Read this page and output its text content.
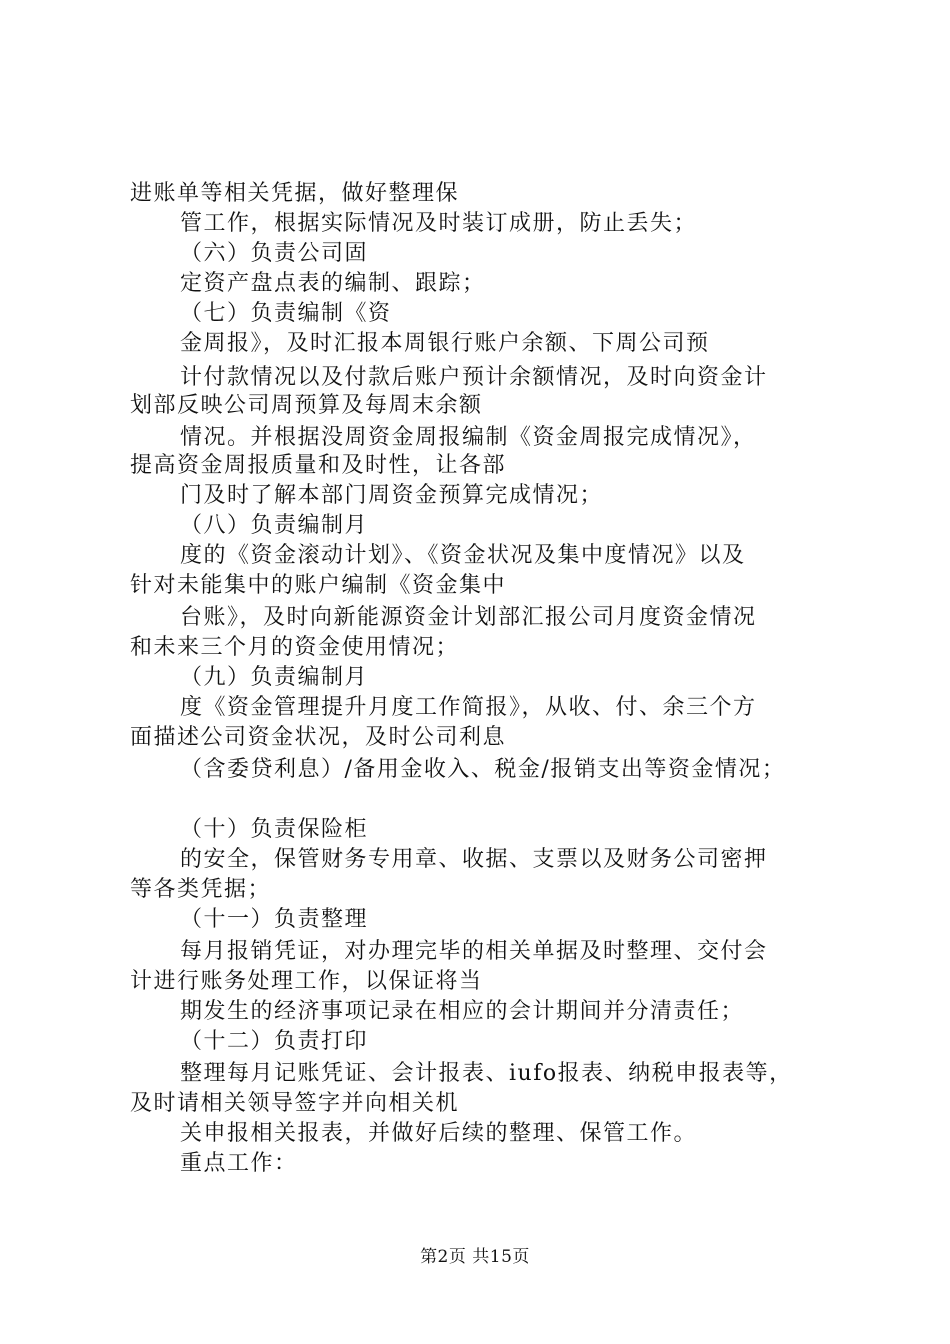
进账单等相关凭据，做好整理保

管工作，根据实际情况及时装订成册，防止丢失；

（六）负责公司固

定资产盘点表的编制、跟踪；

（七）负责编制《资

金周报》，及时汇报本周银行账户余额、下周公司预

计付款情况以及付款后账户预计余额情况，及时向资金计

划部反映公司周预算及每周末余额

情况。并根据没周资金周报编制《资金周报完成情况》，

提高资金周报质量和及时性，让各部

门及时了解本部门周资金预算完成情况；

（八）负责编制月

度的《资金滚动计划》、《资金状况及集中度情况》以及

针对未能集中的账户编制《资金集中

台账》，及时向新能源资金计划部汇报公司月度资金情况

和未来三个月的资金使用情况；

（九）负责编制月

度《资金管理提升月度工作简报》，从收、付、余三个方

面描述公司资金状况，及时公司利息

（含委贷利息）/备用金收入、税金/报销支出等资金情况；

（十）负责保险柜

的安全，保管财务专用章、收据、支票以及财务公司密押

等各类凭据；

（十一）负责整理

每月报销凭证，对办理完毕的相关单据及时整理、交付会

计进行账务处理工作，以保证将当

期发生的经济事项记录在相应的会计期间并分清责任；

（十二）负责打印

整理每月记账凭证、会计报表、iufo报表、纳税申报表等，

及时请相关领导签字并向相关机

关申报相关报表，并做好后续的整理、保管工作。

重点工作：

第2页 共15页
